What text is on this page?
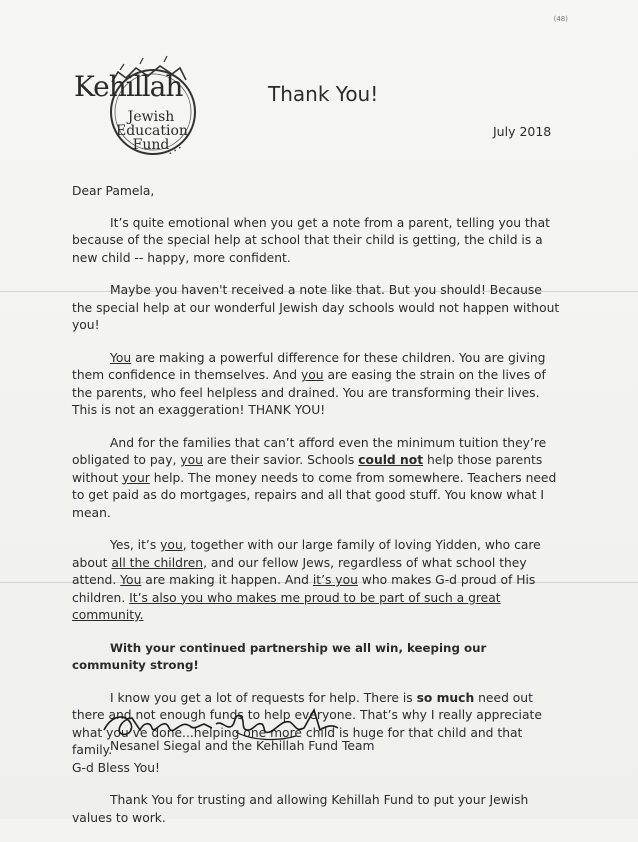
(48)
• • •
Kehillah
Jewish
Education
Fund
Thank You!
July 2018

Dear Pamela,

It’s quite emotional when you get a note from a parent, telling you that because of the special help at school that their child is getting, the child is a new child -- happy, more confident.

Maybe you haven't received a note like that. But you should! Because the special help at our wonderful Jewish day schools would not happen without you!

You are making a powerful difference for these children. You are giving them confidence in themselves. And you are easing the strain on the lives of the parents, who feel helpless and drained. You are transforming their lives. This is not an exaggeration! THANK YOU!

And for the families that can’t afford even the minimum tuition they’re obligated to pay, you are their savior. Schools could not help those parents without your help. The money needs to come from somewhere. Teachers need to get paid as do mortgages, repairs and all that good stuff. You know what I mean.

Yes, it’s you, together with our large family of loving Yidden, who care about all the children, and our fellow Jews, regardless of what school they attend. You are making it happen. And it’s you who makes G-d proud of His children. It’s also you who makes me proud to be part of such a great community.

With your continued partnership we all win, keeping our community strong!

I know you get a lot of requests for help. There is so much need out there and not enough funds to help everyone. That’s why I really appreciate what you’ve done...helping one more child is huge for that child and that family.

G-d Bless You!

Thank You for trusting and allowing Kehillah Fund to put your Jewish values to work.

Nesanel Siegal and the Kehillah Fund Team
